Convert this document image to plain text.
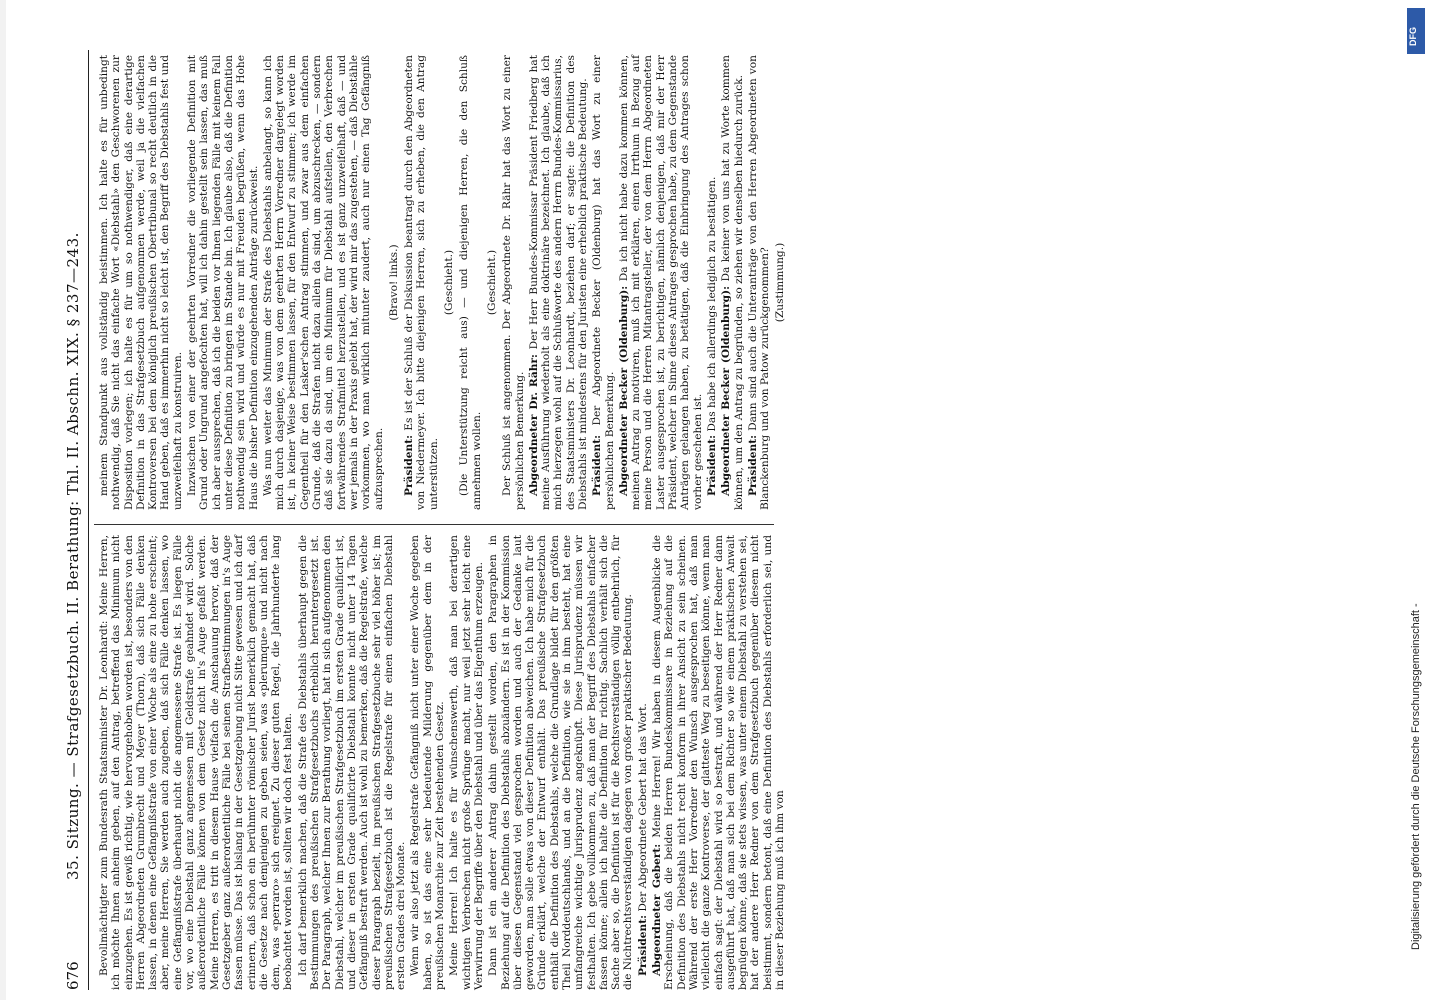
676
35. Sitzung. — Strafgesetzbuch. II. Berathung: Thl. II. Abschn. XIX. § 237—243.	Bevollmächtigter zum Bundesrath Staatsminister Dr. Leonhardt: Meine Herren, ich möchte Ihnen anheim geben, auf den Antrag, betreffend das Minimum nicht einzugehen. Es ist gewiß richtig, wie hervorgehoben worden ist, besonders von den Herren Abgeordneten Grumbrecht und Meyer (Thorn), daß sich Fälle denken lassen, in denen eine Gefängnißstrafe von einer Woche als eine zu hohe erscheint; aber, meine Herren, Sie werden auch zugeben, daß sich Fälle denken lassen, wo eine Gefängnißstrafe überhaupt nicht die angemessene Strafe ist. Es liegen Fälle vor, wo eine Diebstahl ganz angemessen mit Geldstrafe geahndet wird. Solche außerordentliche Fälle können von dem Gesetz nicht in's Auge gefaßt werden. Meine Herren, es tritt in diesem Hause vielfach die Anschauung hervor, daß der Gesetzgeber ganz außerordentliche Fälle bei seinen Strafbestimmungen in's Auge fassen müsse. Das ist bislang in der Gesetzgebung nicht Sitte gewesen und ich darf erinnern, daß schon ein berühmter römischer Jurist bemerklich gemacht hat, daß die Gesetze nach demjenigen zu geben seien, was «plerumque» und nicht nach dem, was «perraro» sich ereignet. Zu dieser guten Regel, die Jahrhunderte lang beobachtet worden ist, sollten wir doch fest halten. Ich darf bemerklich machen, daß die Strafe des Diebstahls überhaupt gegen die Bestimmungen des preußischen Strafgesetzbuchs erheblich heruntergesetzt ist. Der Paragraph, welcher Ihnen zur Berathung vorliegt, hat in sich aufgenommen den Diebstahl, welcher im preußischen Strafgesetzbuch im ersten Grade qualificirt ist, und dieser in ersten Grade qualificirte Diebstahl konnte nicht unter 14 Tagen Gefängniß bestraft werden. Auch ist wohl zu bemerken, daß die Regelstrafe, welche dieser Paragraph bezielt, im preußischen Strafgesetzbuche sehr viel höher ist; im preußischen Strafgesetzbuch ist die Regelstrafe für einen einfachen Diebstahl ersten Grades drei Monate. Wenn wir also jetzt als Regelstrafe Gefängniß nicht unter einer Woche gegeben haben, so ist das eine sehr bedeutende Milderung gegenüber dem in der preußischen Monarchie zur Zeit bestehenden Gesetz. Meine Herren! Ich halte es für wünschenswerth, daß man bei derartigen wichtigen Verbrechen nicht große Sprünge macht, nur weil jetzt sehr leicht eine Verwirrung der Begriffe über den Diebstahl und über das Eigenthum erzeugen. Dann ist ein anderer Antrag dahin gestellt worden, den Paragraphen in Beziehung auf die Definition des Diebstahls abzuändern. Es ist in der Kommission über diesen Gegenstand viel gesprochen worden und auch der Gedanke laut geworden, man solle etwas von dieser Definition abweichen. Ich habe mich für die Gründe erklärt, welche der Entwurf enthält. Das preußische Strafgesetzbuch enthält die Definition des Diebstahls, welche die Grundlage bildet für den größten Theil Norddeutschlands, und an die Definition, wie sie in ihm besteht, hat eine umfangreiche wichtige Jurisprudenz angeknüpft. Diese Jurisprudenz müssen wir festhalten. Ich gebe vollkommen zu, daß man der Begriff des Diebstahls einfacher fassen könne; allein ich halte die Definition für richtig. Sachlich verhält sich die Sache aber so, die Definition ist für die Rechtsverständigen völlig entbehrlich, für die Nichtrechtsverständigen dagegen von großer praktischer Bedeutung. Präsident: Der Abgeordnete Gebert hat das Wort. Abgeordneter Gebert: Meine Herren! Wir haben in diesem Augenblicke die Erscheinung, daß die beiden Herren Bundeskommissare in Beziehung auf die Definition des Diebstahls nicht recht konform in ihrer Ansicht zu sein scheinen. Während der erste Herr Vorredner den Wunsch ausgesprochen hat, daß man vielleicht die ganze Kontroverse, der glatteste Weg zu beseitigen könne, wenn man einfach sagt: der Diebstahl wird so bestraft, und während der Herr Redner dann ausgeführt hat, daß man sich bei dem Richter so wie einem praktischen Anwalt begnügen könne, daß sie stets wissen, was unter einem Diebstahl zu verstehen sei, hat der andere Herr Redner von dem Strafgesetzbuch gegenüber diesem nicht beistimmt, sondern betont, daß eine Definition des Diebstahls erforderlich sei, und in dieser Beziehung muß ich ihm von

meinem Standpunkt aus vollständig beistimmen. Ich halte es für unbedingt nothwendig, daß Sie nicht das einfache Wort «Diebstahl» den Geschworenen zur Disposition vorlegen; ich halte es für um so nothwendiger, daß eine derartige Definition in das Strafgesetzbuch aufgenommen werde, weil ja die vielfachen Kontroversen bei dem königlich preußischen Obertribunal so recht deutlich in die Hand geben, daß es immerhin nicht so leicht ist, den Begriff des Diebstahls fest und unzweifelhaft zu konstruiren. Inzwischen von einer der geehrten Vorredner die vorliegende Definition mit Grund oder Ungrund angefochten hat, will ich dahin gestellt sein lassen, das muß ich aber aussprechen, daß ich die beiden vor Ihnen liegenden Fälle mit keinem Fall unter diese Definition zu bringen im Stande bin. Ich glaube also, daß die Definition nothwendig sein wird und würde es nur mit Freuden begrüßen, wenn das Hohe Haus die bisher Definition einzugehenden Anträge zurückweist. Was nun weiter das Minimum der Strafe des Diebstahls anbelangt, so kann ich mich durch dasjenige, was von dem geehrten Herrn Vorredner dargelegt worden ist, in keiner Weise bestimmen lassen, für den Entwurf zu stimmen; ich werde im Gegentheil für den Lasker'schen Antrag stimmen, und zwar aus dem einfachen Grunde, daß die Strafen nicht dazu allein da sind, um abzuschrecken, — sondern daß sie dazu da sind, um ein Minimum für Diebstahl aufstellen, den Verbrechen fortwährendes Strafmittel herzustellen, und es ist ganz unzweifelhaft, daß — und wer jemals in der Praxis gelebt hat, der wird mir das zugestehen, — daß Diebstähle vorkommen, wo man wirklich mitunter zaudert, auch nur einen Tag Gefängniß aufzusprechen.

(Bravo! links.)

Präsident: Es ist der Schluß der Diskussion beantragt durch den Abgeordneten von Niedermeyer. Ich bitte diejenigen Herren, sich zu erheben, die den Antrag unterstützen.

(Geschieht.) (Die Unterstützung reicht aus) — und diejenigen Herren, die den Schluß annehmen wollen.

(Geschieht.) Der Schluß ist angenommen. Der Abgeordnete Dr. Rähr hat das Wort zu einer persönlichen Bemerkung. Abgeordneter Dr. Rähr: Der Herr Bundes-Kommissar Präsident Friedberg hat meine Ausführung wiederholt als eine doktrinäre bezeichnet. Ich glaube, daß ich mich hierzegen wohl auf die Schlußworte des andern Herrn Bundes-Kommissarius, des Staatsministers Dr. Leonhardt, beziehen darf; er sagte: die Definition des Diebstahls ist mindestens für den Juristen eine erheblich praktische Bedeutung. Präsident: Der Abgeordnete Becker (Oldenburg) hat das Wort zu einer persönlichen Bemerkung. Abgeordneter Becker (Oldenburg): Da ich nicht habe dazu kommen können, meinen Antrag zu motiviren, muß ich mit erklären, einen Irrthum in Bezug auf meine Person und die Herren Mitantragsteller, der von dem Herrn Abgeordneten Laster ausgesprochen ist, zu berichtigen, nämlich denjenigen, daß mir der Herr Präsident, welcher in Sinne dieses Antrages gesprochen habe, zu dem Gegenstande Anträgen gelangen haben, zu betätigen, daß die Einbringung des Antrages schon vorher geschehen ist. Präsident: Das habe ich allerdings lediglich zu bestätigen. Abgeordneter Becker (Oldenburg): Da keiner von uns hat zu Worte kommen können, um den Antrag zu begründen, so ziehen wir denselben hiedurch zurück. Präsident: Dann sind auch die Unteranträge von den Herren Abgeordneten von Blanckenburg und von Patow zurückgenommen? (Zustimmung.)

Digitalisierung gefördert durch die Deutsche Forschungsgemeinschaft -
DFG
